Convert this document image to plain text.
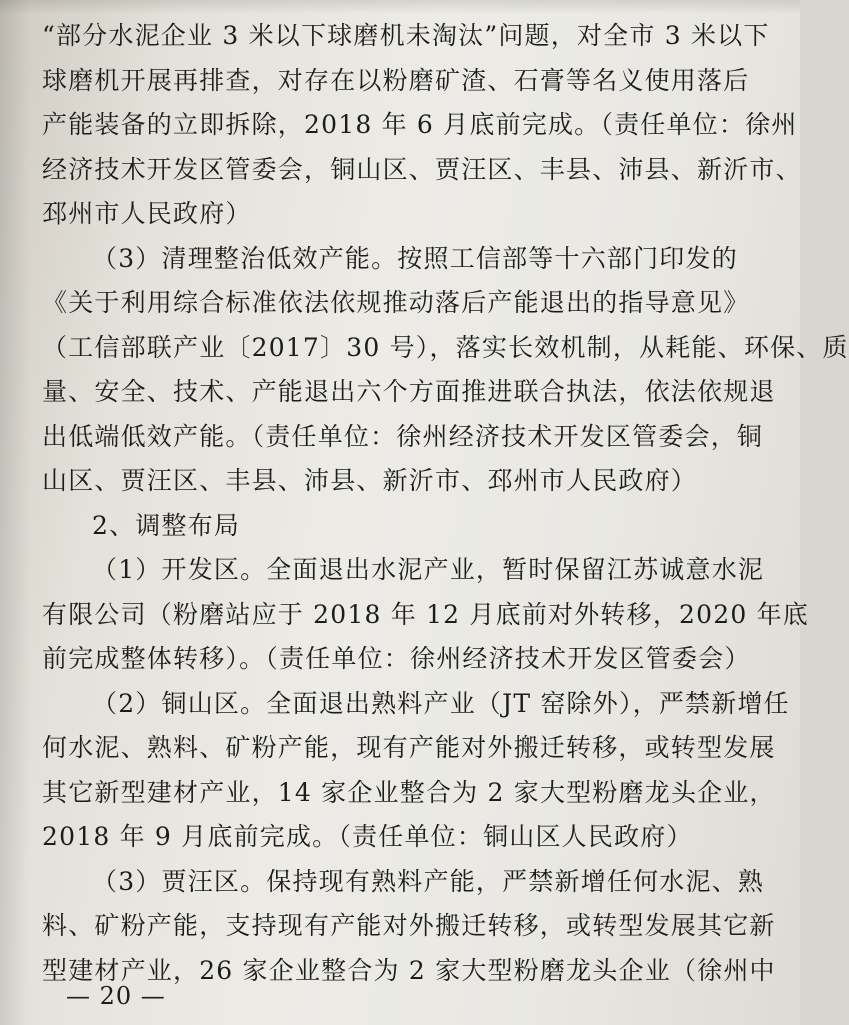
“部分水泥企业 3 米以下球磨机未淘汰”问题，对全市 3 米以下
球磨机开展再排查，对存在以粉磨矿渣、石膏等名义使用落后
产能装备的立即拆除，2018 年 6 月底前完成。（责任单位：徐州
经济技术开发区管委会，铜山区、贾汪区、丰县、沛县、新沂市、
邳州市人民政府）
（3）清理整治低效产能。按照工信部等十六部门印发的
《关于利用综合标准依法依规推动落后产能退出的指导意见》
（工信部联产业〔2017〕30 号），落实长效机制，从耗能、环保、质
量、安全、技术、产能退出六个方面推进联合执法，依法依规退
出低端低效产能。（责任单位：徐州经济技术开发区管委会，铜
山区、贾汪区、丰县、沛县、新沂市、邳州市人民政府）
2、调整布局
（1）开发区。全面退出水泥产业，暂时保留江苏诚意水泥
有限公司（粉磨站应于 2018 年 12 月底前对外转移，2020 年底
前完成整体转移）。（责任单位：徐州经济技术开发区管委会）
（2）铜山区。全面退出熟料产业（JT 窑除外），严禁新增任
何水泥、熟料、矿粉产能，现有产能对外搬迁转移，或转型发展
其它新型建材产业，14 家企业整合为 2 家大型粉磨龙头企业，
2018 年 9 月底前完成。（责任单位：铜山区人民政府）
（3）贾汪区。保持现有熟料产能，严禁新增任何水泥、熟
料、矿粉产能，支持现有产能对外搬迁转移，或转型发展其它新
型建材产业，26 家企业整合为 2 家大型粉磨龙头企业（徐州中
— 20 —
